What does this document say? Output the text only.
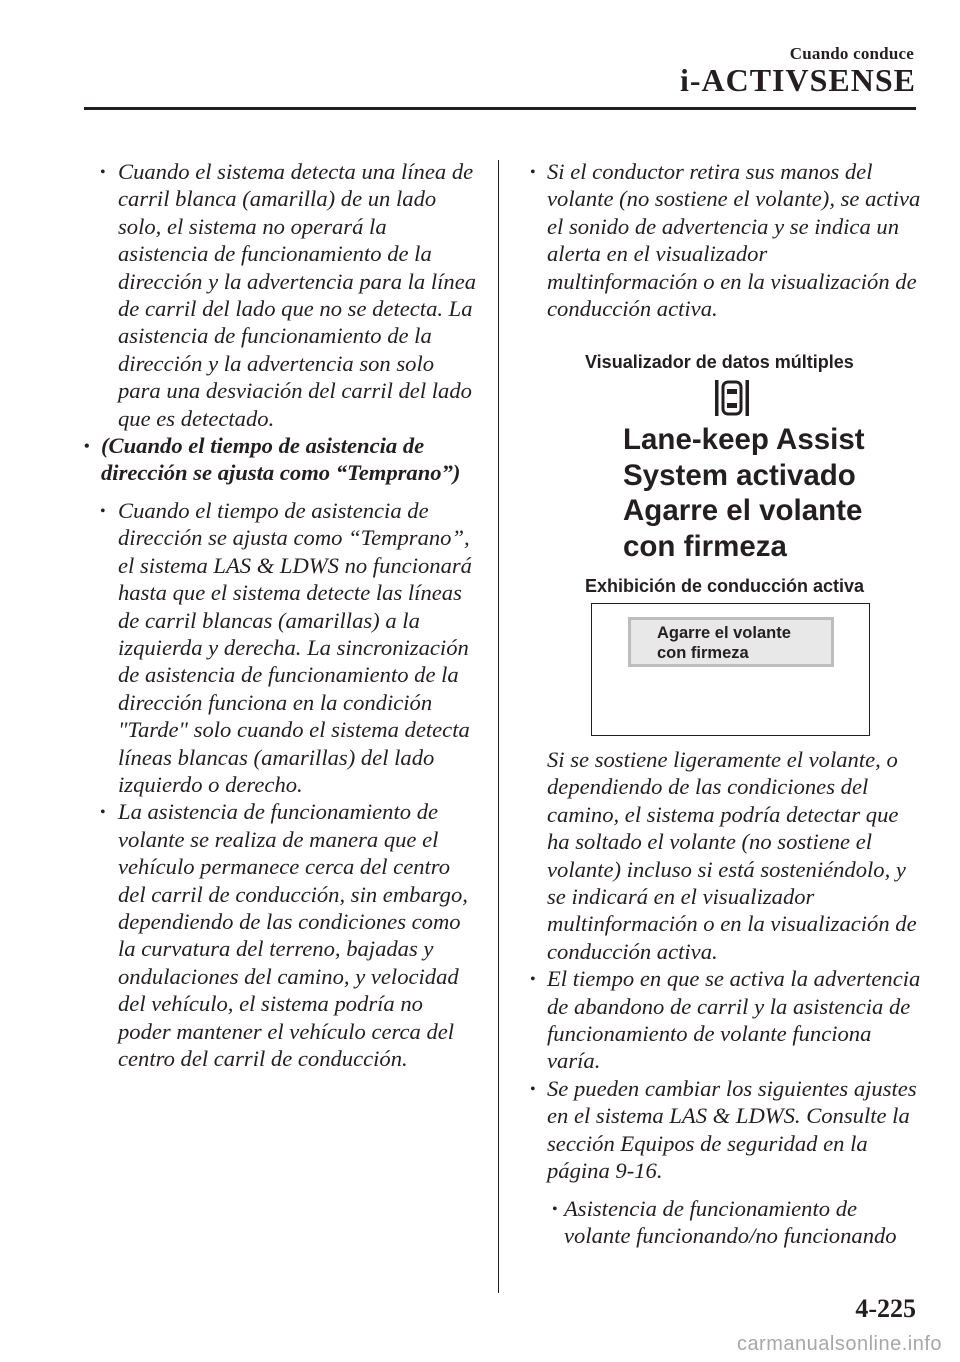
Cuando conduce
i-ACTIVSENSE

• Cuando el sistema detecta una línea de carril blanca (amarilla) de un lado solo, el sistema no operará la asistencia de funcionamiento de la dirección y la advertencia para la línea de carril del lado que no se detecta. La asistencia de funcionamiento de la dirección y la advertencia son solo para una desviación del carril del lado que es detectado.

• (Cuando el tiempo de asistencia de dirección se ajusta como “Temprano”)

• Cuando el tiempo de asistencia de dirección se ajusta como “Temprano”, el sistema LAS & LDWS no funcionará hasta que el sistema detecte las líneas de carril blancas (amarillas) a la izquierda y derecha. La sincronización de asistencia de funcionamiento de la dirección funciona en la condición "Tarde" solo cuando el sistema detecta líneas blancas (amarillas) del lado izquierdo o derecho.

• La asistencia de funcionamiento de volante se realiza de manera que el vehículo permanece cerca del centro del carril de conducción, sin embargo, dependiendo de las condiciones como la curvatura del terreno, bajadas y ondulaciones del camino, y velocidad del vehículo, el sistema podría no poder mantener el vehículo cerca del centro del carril de conducción.

• Si el conductor retira sus manos del volante (no sostiene el volante), se activa el sonido de advertencia y se indica un alerta en el visualizador multinformación o en la visualización de conducción activa.

Visualizador de datos múltiples
Lane-keep Assist
System activado
Agarre el volante
con firmeza
Exhibición de conducción activa
Agarre el volante
con firmeza

Si se sostiene ligeramente el volante, o dependiendo de las condiciones del camino, el sistema podría detectar que ha soltado el volante (no sostiene el volante) incluso si está sosteniéndolo, y se indicará en el visualizador multinformación o en la visualización de conducción activa.

• El tiempo en que se activa la advertencia de abandono de carril y la asistencia de funcionamiento de volante funciona varía.

• Se pueden cambiar los siguientes ajustes en el sistema LAS & LDWS. Consulte la sección Equipos de seguridad en la página 9-16.

• Asistencia de funcionamiento de volante funcionando/no funcionando

4-225
carmanualsonline.info
